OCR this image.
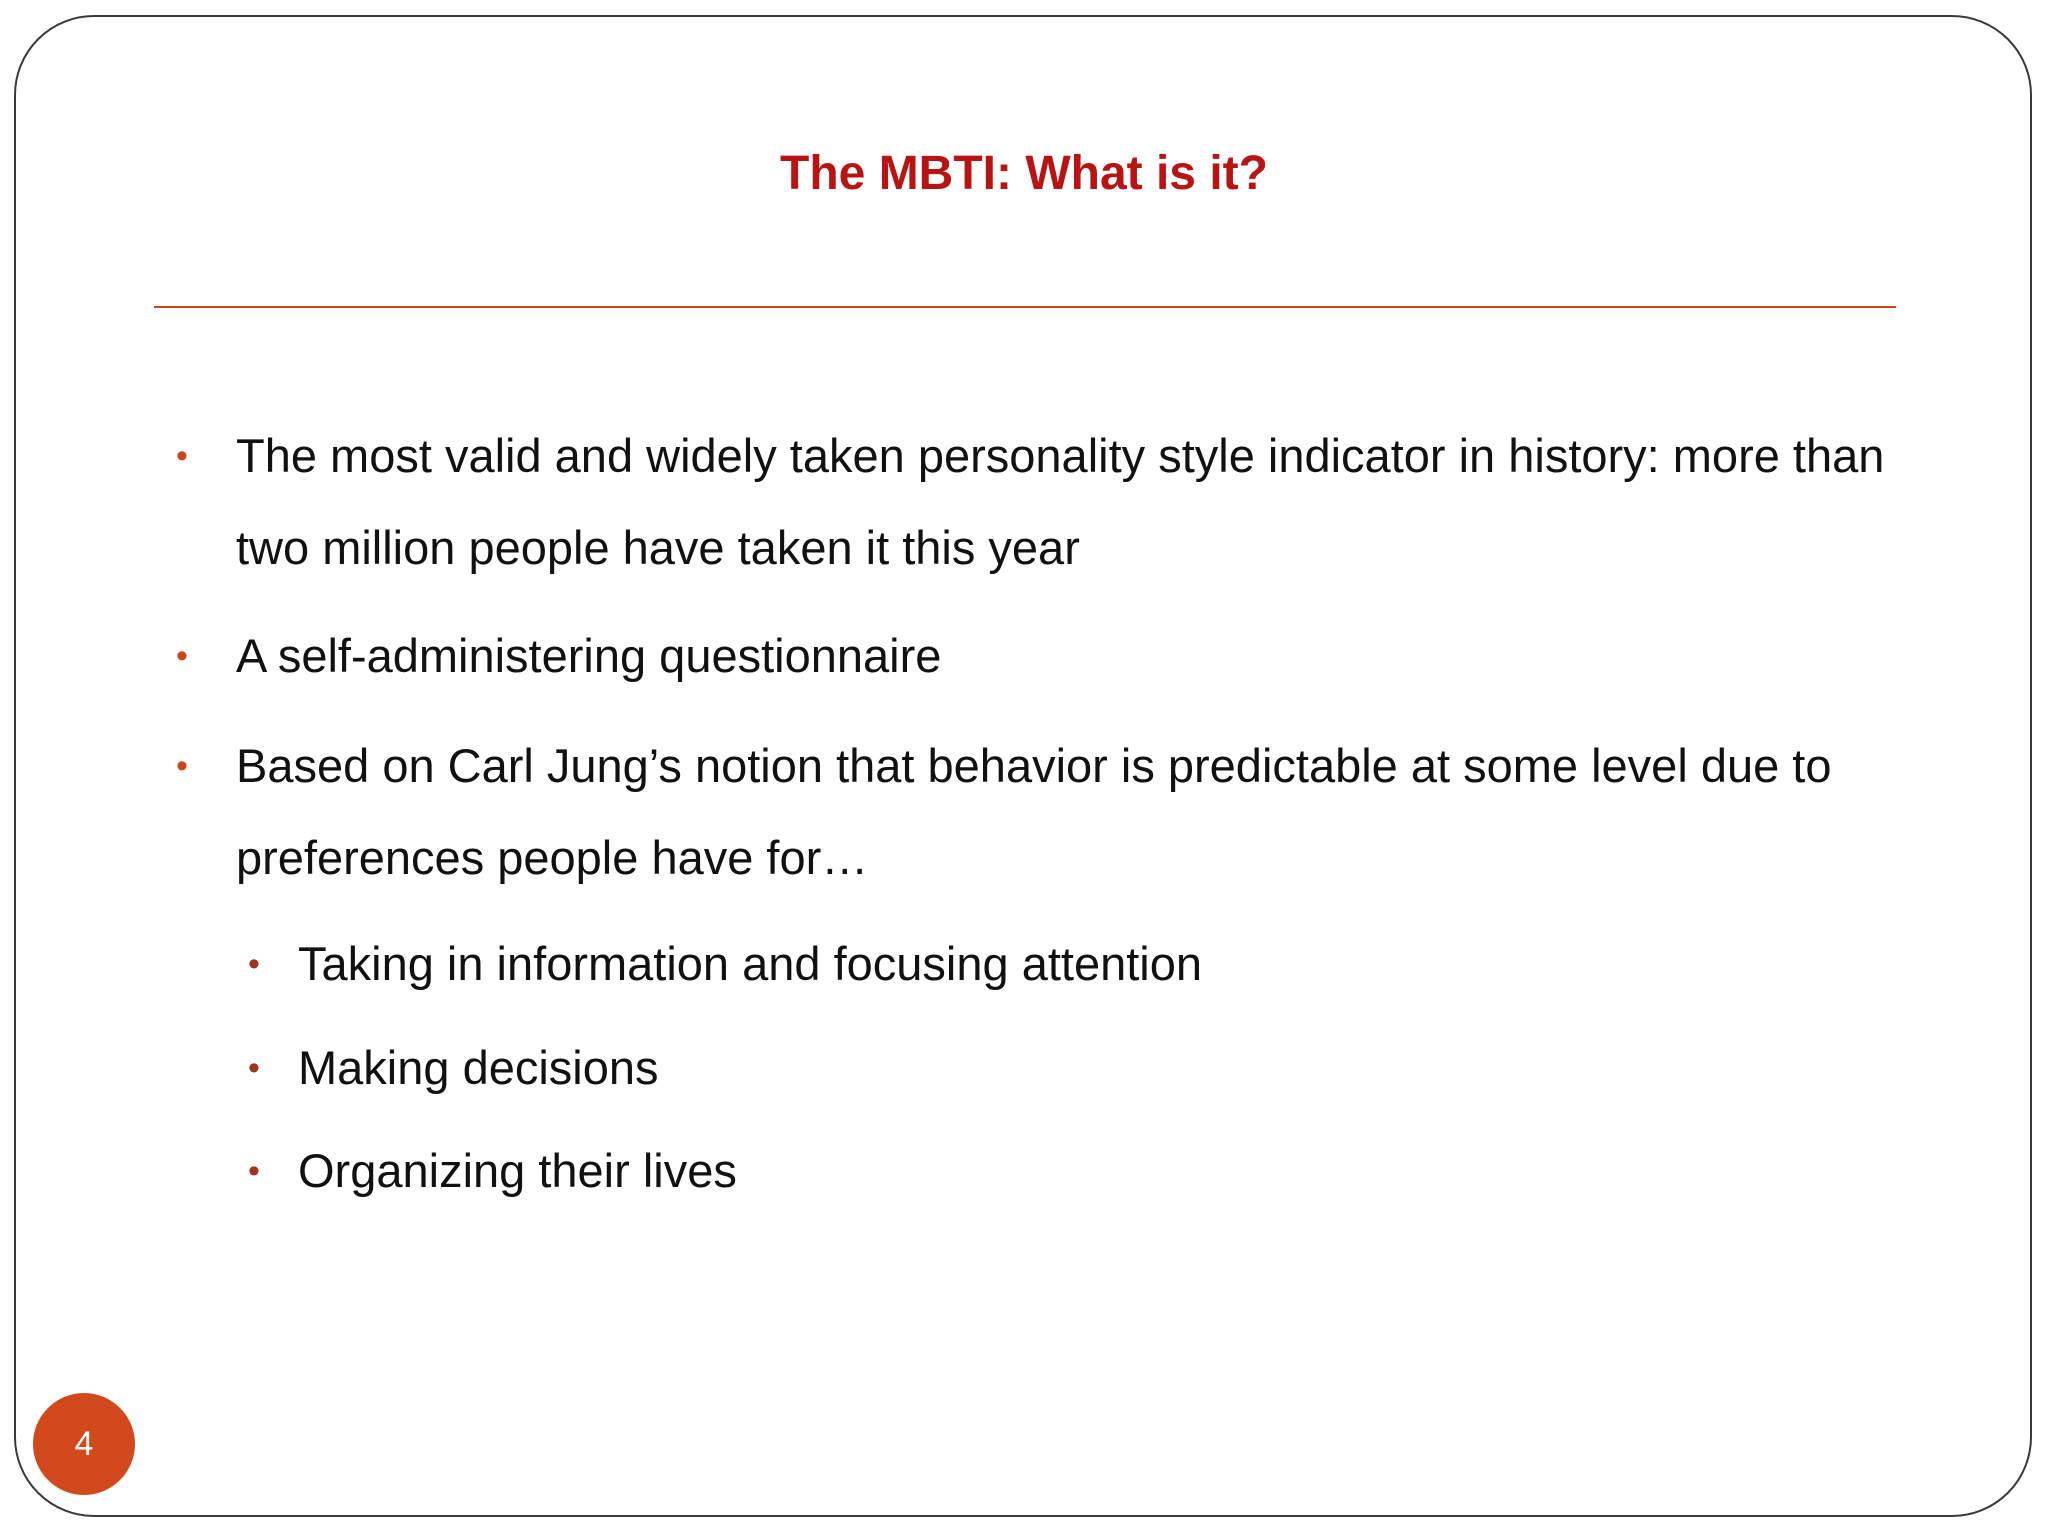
The MBTI: What is it?
• The most valid and widely taken personality style indicator in history: more than two million people have taken it this year
• A self-administering questionnaire
• Based on Carl Jung’s notion that behavior is predictable at some level due to preferences people have for…
• Taking in information and focusing attention
• Making decisions
• Organizing their lives
4
